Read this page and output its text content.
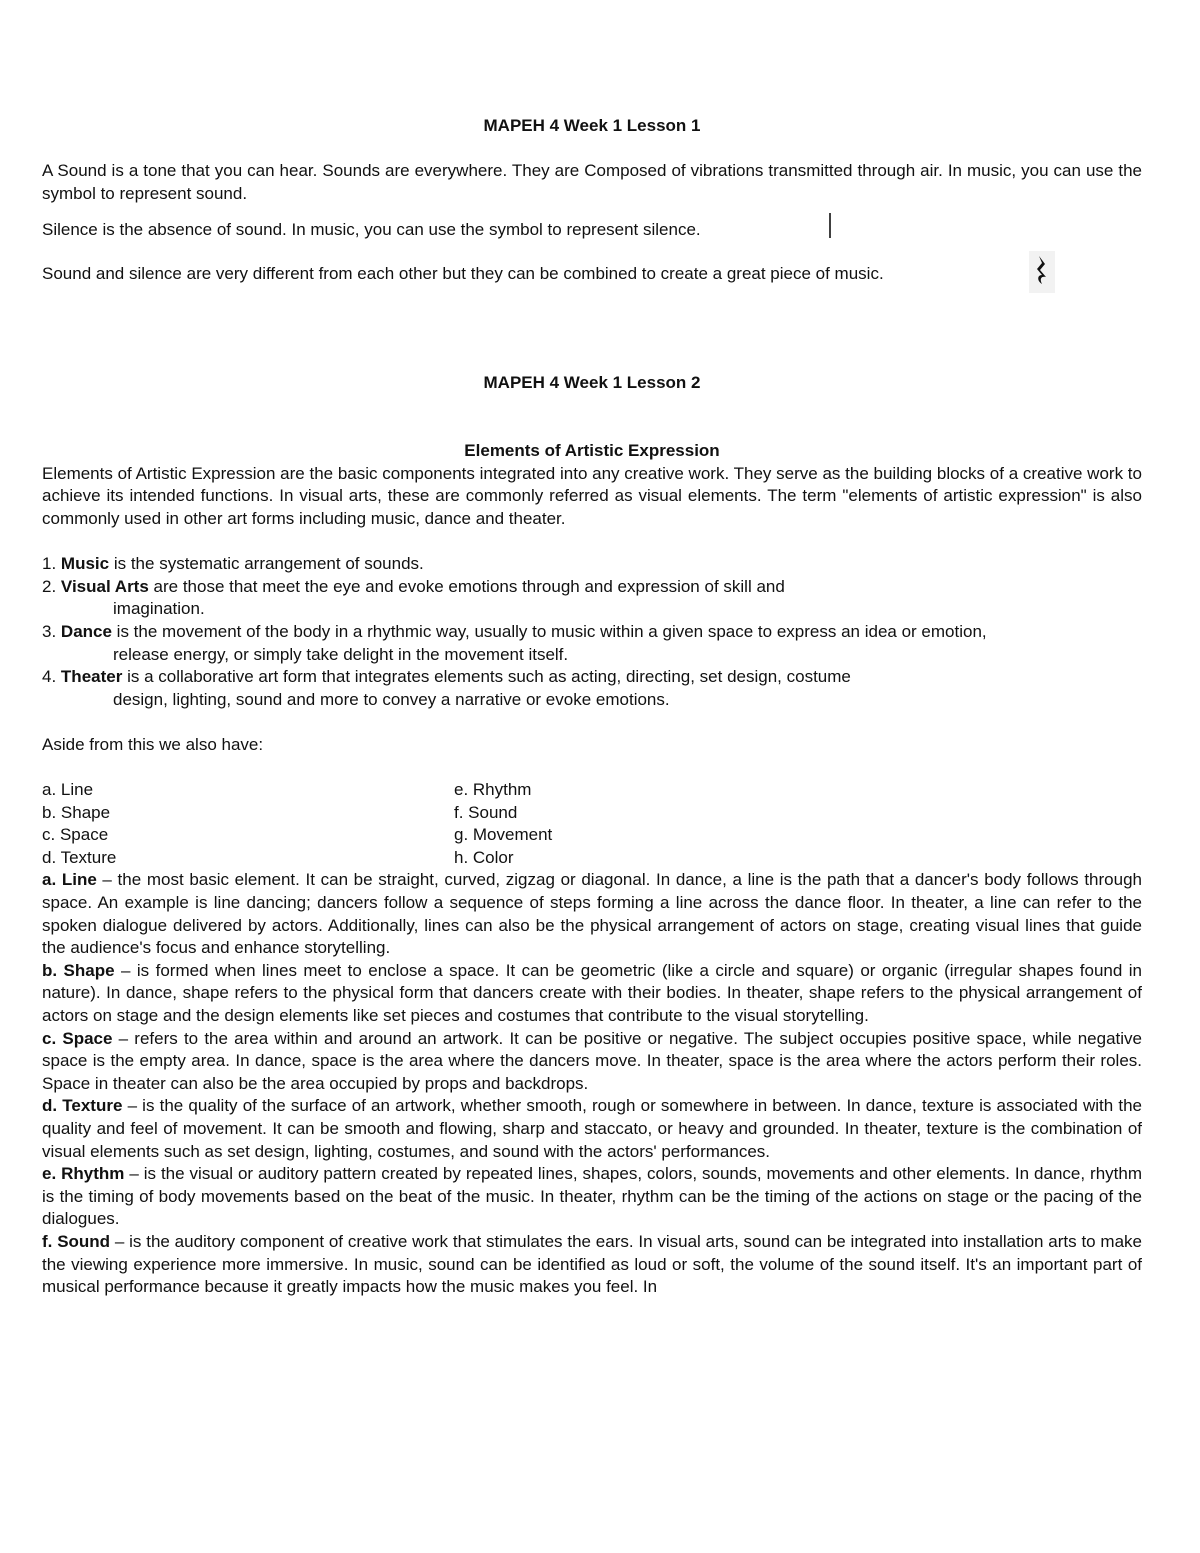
MAPEH 4 Week 1 Lesson 1

A Sound is a tone that you can hear. Sounds are everywhere. They are Composed of vibrations transmitted through air. In music, you can use the symbol to represent sound.

Silence is the absence of sound. In music, you can use the symbol to represent silence.
Sound and silence are very different from each other but they can be combined to create a great piece of music.

MAPEH 4 Week 1 Lesson 2

Elements of Artistic Expression

Elements of Artistic Expression are the basic components integrated into any creative work. They serve as the building blocks of a creative work to achieve its intended functions. In visual arts, these are commonly referred as visual elements. The term "elements of artistic expression" is also commonly used in other art forms including music, dance and theater.

1. Music is the systematic arrangement of sounds.

2. Visual Arts are those that meet the eye and evoke emotions through and expression of skill and

imagination.

3. Dance is the movement of the body in a rhythmic way, usually to music within a given space to express an idea or emotion,

release energy, or simply take delight in the movement itself.

4. Theater is a collaborative art form that integrates elements such as acting, directing, set design, costume

design, lighting, sound and more to convey a narrative or evoke emotions.

Aside from this we also have:

a. Line

b. Shape

c. Space

d. Texture

e. Rhythm

f. Sound

g. Movement

h. Color

a. Line – the most basic element. It can be straight, curved, zigzag or diagonal. In dance, a line is the path that a dancer's body follows through space. An example is line dancing; dancers follow a sequence of steps forming a line across the dance floor. In theater, a line can refer to the spoken dialogue delivered by actors. Additionally, lines can also be the physical arrangement of actors on stage, creating visual lines that guide the audience's focus and enhance storytelling.

b. Shape – is formed when lines meet to enclose a space. It can be geometric (like a circle and square) or organic (irregular shapes found in nature). In dance, shape refers to the physical form that dancers create with their bodies. In theater, shape refers to the physical arrangement of actors on stage and the design elements like set pieces and costumes that contribute to the visual storytelling.

c. Space – refers to the area within and around an artwork. It can be positive or negative. The subject occupies positive space, while negative space is the empty area. In dance, space is the area where the dancers move. In theater, space is the area where the actors perform their roles. Space in theater can also be the area occupied by props and backdrops.

d. Texture – is the quality of the surface of an artwork, whether smooth, rough or somewhere in between. In dance, texture is associated with the quality and feel of movement. It can be smooth and flowing, sharp and staccato, or heavy and grounded. In theater, texture is the combination of visual elements such as set design, lighting, costumes, and sound with the actors' performances.

e. Rhythm – is the visual or auditory pattern created by repeated lines, shapes, colors, sounds, movements and other elements. In dance, rhythm is the timing of body movements based on the beat of the music. In theater, rhythm can be the timing of the actions on stage or the pacing of the dialogues.

f. Sound – is the auditory component of creative work that stimulates the ears. In visual arts, sound can be integrated into installation arts to make the viewing experience more immersive. In music, sound can be identified as loud or soft, the volume of the sound itself. It's an important part of musical performance because it greatly impacts how the music makes you feel. In
